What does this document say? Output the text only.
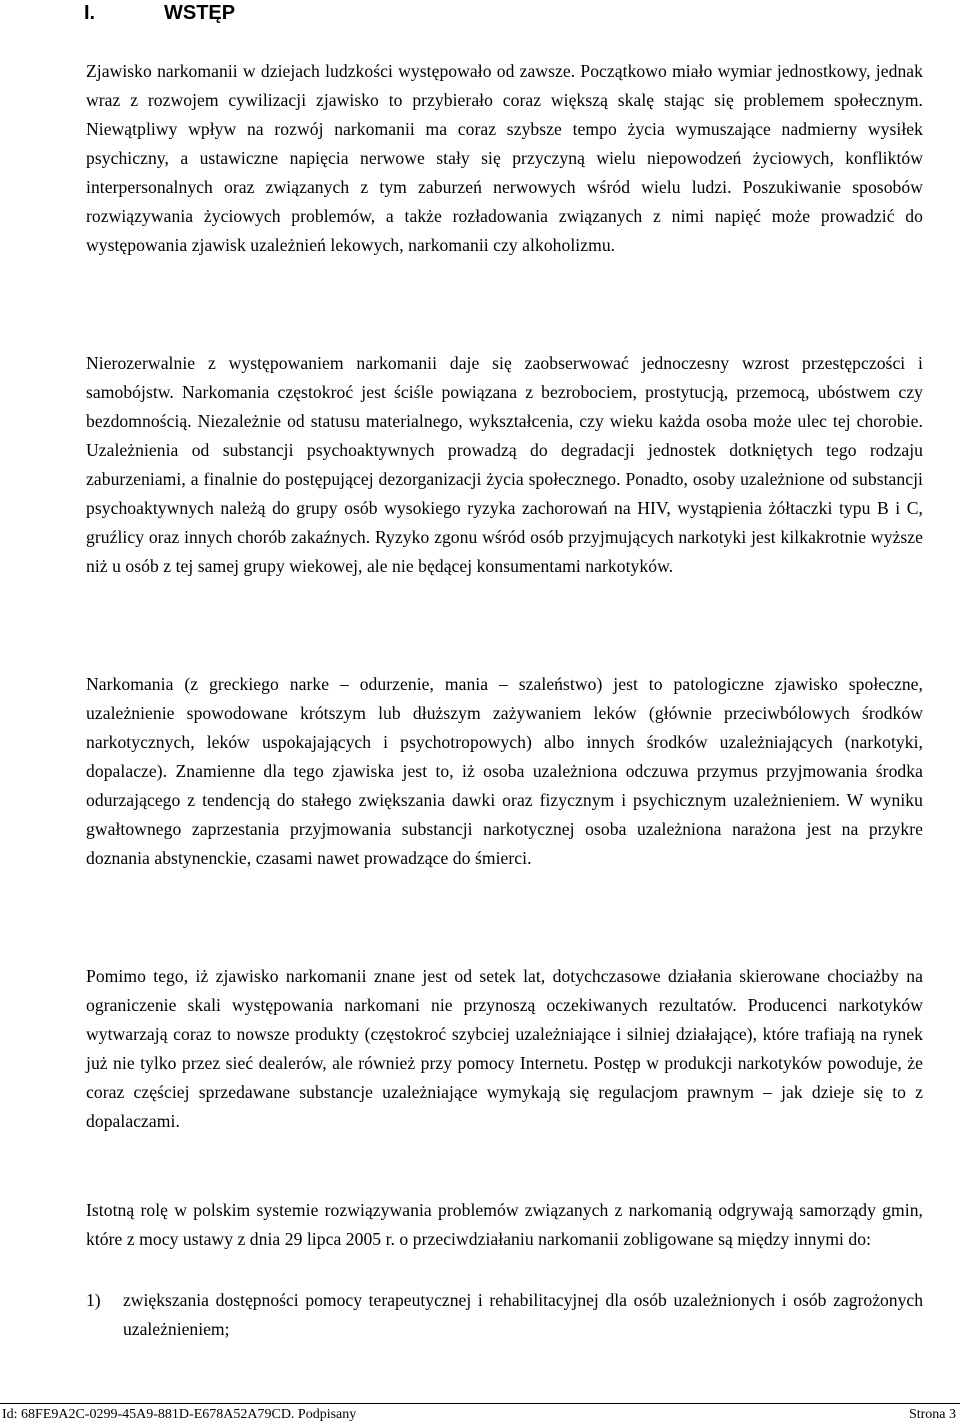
I.	WSTĘP

Zjawisko narkomanii w dziejach ludzkości występowało od zawsze. Początkowo miało wymiar jednostkowy, jednak wraz z rozwojem cywilizacji zjawisko to przybierało coraz większą skalę stając się problemem społecznym. Niewątpliwy wpływ na rozwój narkomanii ma coraz szybsze tempo życia wymuszające nadmierny wysiłek psychiczny, a ustawiczne napięcia nerwowe stały się przyczyną wielu niepowodzeń życiowych, konfliktów interpersonalnych oraz związanych z tym zaburzeń nerwowych wśród wielu ludzi. Poszukiwanie sposobów rozwiązywania życiowych problemów, a także rozładowania związanych z nimi napięć może prowadzić do występowania zjawisk uzależnień lekowych, narkomanii czy alkoholizmu.

Nierozerwalnie z występowaniem narkomanii daje się zaobserwować jednoczesny wzrost przestępczości i samobójstw. Narkomania częstokroć jest ściśle powiązana z bezrobociem, prostytucją, przemocą, ubóstwem czy bezdomnością. Niezależnie od statusu materialnego, wykształcenia, czy wieku każda osoba może ulec tej chorobie. Uzależnienia od substancji psychoaktywnych prowadzą do degradacji jednostek dotkniętych tego rodzaju zaburzeniami, a finalnie do postępującej dezorganizacji życia społecznego. Ponadto, osoby uzależnione od substancji psychoaktywnych należą do grupy osób wysokiego ryzyka zachorowań na HIV, wystąpienia żółtaczki typu B i C, gruźlicy oraz innych chorób zakaźnych. Ryzyko zgonu wśród osób przyjmujących narkotyki jest kilkakrotnie wyższe niż u osób z tej samej grupy wiekowej, ale nie będącej konsumentami narkotyków.

Narkomania (z greckiego narke – odurzenie, mania – szaleństwo) jest to patologiczne zjawisko społeczne, uzależnienie spowodowane krótszym lub dłuższym zażywaniem leków (głównie przeciwbólowych środków narkotycznych, leków uspokajających i psychotropowych) albo innych środków uzależniających (narkotyki, dopalacze). Znamienne dla tego zjawiska jest to, iż osoba uzależniona odczuwa przymus przyjmowania środka odurzającego z tendencją do stałego zwiększania dawki oraz fizycznym i psychicznym uzależnieniem. W wyniku gwałtownego zaprzestania przyjmowania substancji narkotycznej osoba uzależniona narażona jest na przykre doznania abstynenckie, czasami nawet prowadzące do śmierci.

Pomimo tego, iż zjawisko narkomanii znane jest od setek lat, dotychczasowe działania skierowane chociażby na ograniczenie skali występowania narkomani nie przynoszą oczekiwanych rezultatów. Producenci narkotyków wytwarzają coraz to nowsze produkty (częstokroć szybciej uzależniające i silniej działające), które trafiają na rynek już nie tylko przez sieć dealerów, ale również przy pomocy Internetu. Postęp w produkcji narkotyków powoduje, że coraz częściej sprzedawane substancje uzależniające wymykają się regulacjom prawnym – jak dzieje się to z dopalaczami.

Istotną rolę w polskim systemie rozwiązywania problemów związanych z narkomanią odgrywają samorządy gmin, które z mocy ustawy z dnia 29 lipca 2005 r. o przeciwdziałaniu narkomanii zobligowane są między innymi do:

1) zwiększania dostępności pomocy terapeutycznej i rehabilitacyjnej dla osób uzależnionych i osób zagrożonych uzależnieniem;
Id: 68FE9A2C-0299-45A9-881D-E678A52A79CD. Podpisany	Strona 3
